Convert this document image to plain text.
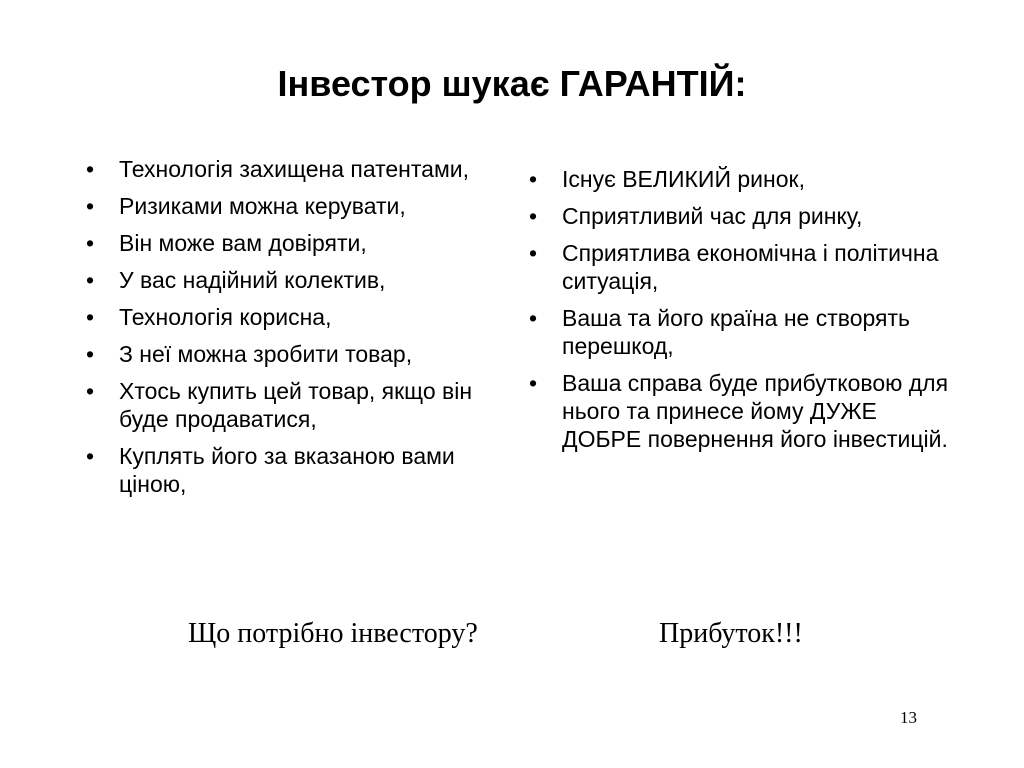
Інвестор шукає ГАРАНТІЙ:
• Технологія захищена патентами,
• Ризиками можна керувати,
• Він може вам довіряти,
• У вас надійний колектив,
• Технологія корисна,
• З неї можна зробити товар,
• Хтось купить цей товар, якщо він буде продаватися,
• Куплять його за вказаною вами ціною,
• Існує ВЕЛИКИЙ ринок,
• Сприятливий час для ринку,
• Сприятлива економічна і політична ситуація,
• Ваша та його країна не створять перешкод,
• Ваша справа буде прибутковою для нього та принесе йому ДУЖЕ ДОБРЕ повернення його інвестицій.
Що потрібно інвестору?	Прибуток!!!
13
